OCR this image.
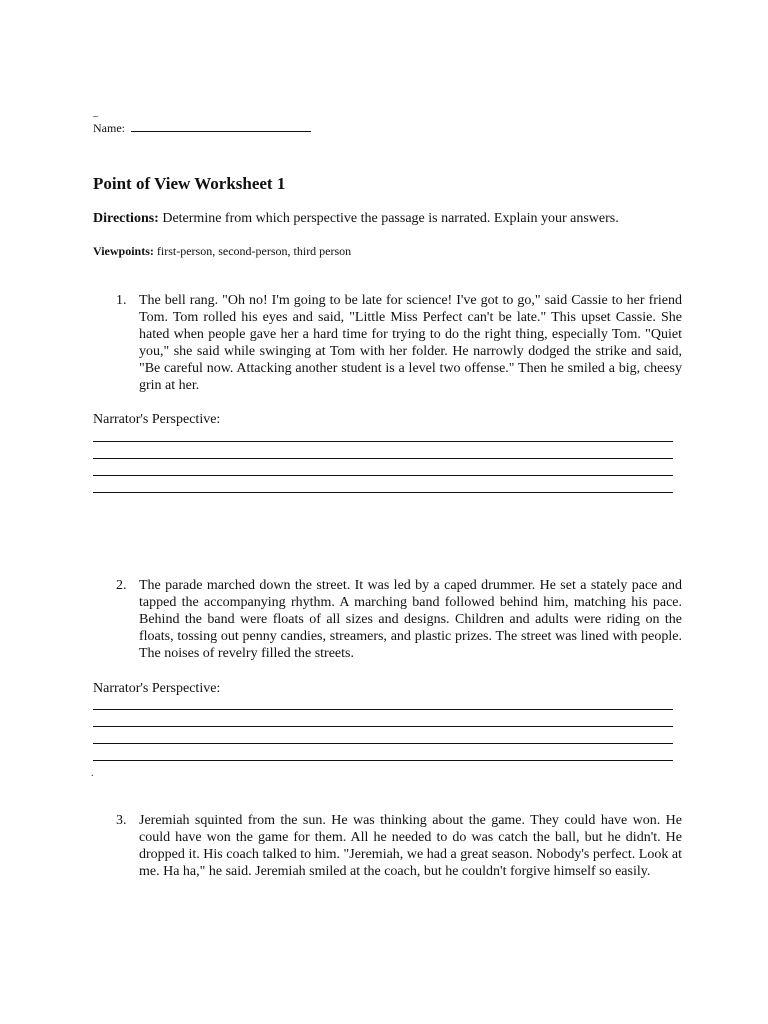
_
Name:
Point of View Worksheet 1
Directions: Determine from which perspective the passage is narrated. Explain your answers.
Viewpoints: first-person, second-person, third person
1. The bell rang. "Oh no! I'm going to be late for science! I've got to go," said Cassie to her friend Tom. Tom rolled his eyes and said, "Little Miss Perfect can't be late." This upset Cassie. She hated when people gave her a hard time for trying to do the right thing, especially Tom. "Quiet you," she said while swinging at Tom with her folder. He narrowly dodged the strike and said, "Be careful now. Attacking another student is a level two offense." Then he smiled a big, cheesy grin at her.
Narrator's Perspective:
2. The parade marched down the street. It was led by a caped drummer. He set a stately pace and tapped the accompanying rhythm. A marching band followed behind him, matching his pace. Behind the band were floats of all sizes and designs. Children and adults were riding on the floats, tossing out penny candies, streamers, and plastic prizes. The street was lined with people. The noises of revelry filled the streets.
Narrator's Perspective:
.
3. Jeremiah squinted from the sun. He was thinking about the game. They could have won. He could have won the game for them. All he needed to do was catch the ball, but he didn't. He dropped it. His coach talked to him. "Jeremiah, we had a great season. Nobody's perfect. Look at me. Ha ha," he said. Jeremiah smiled at the coach, but he couldn't forgive himself so easily.
